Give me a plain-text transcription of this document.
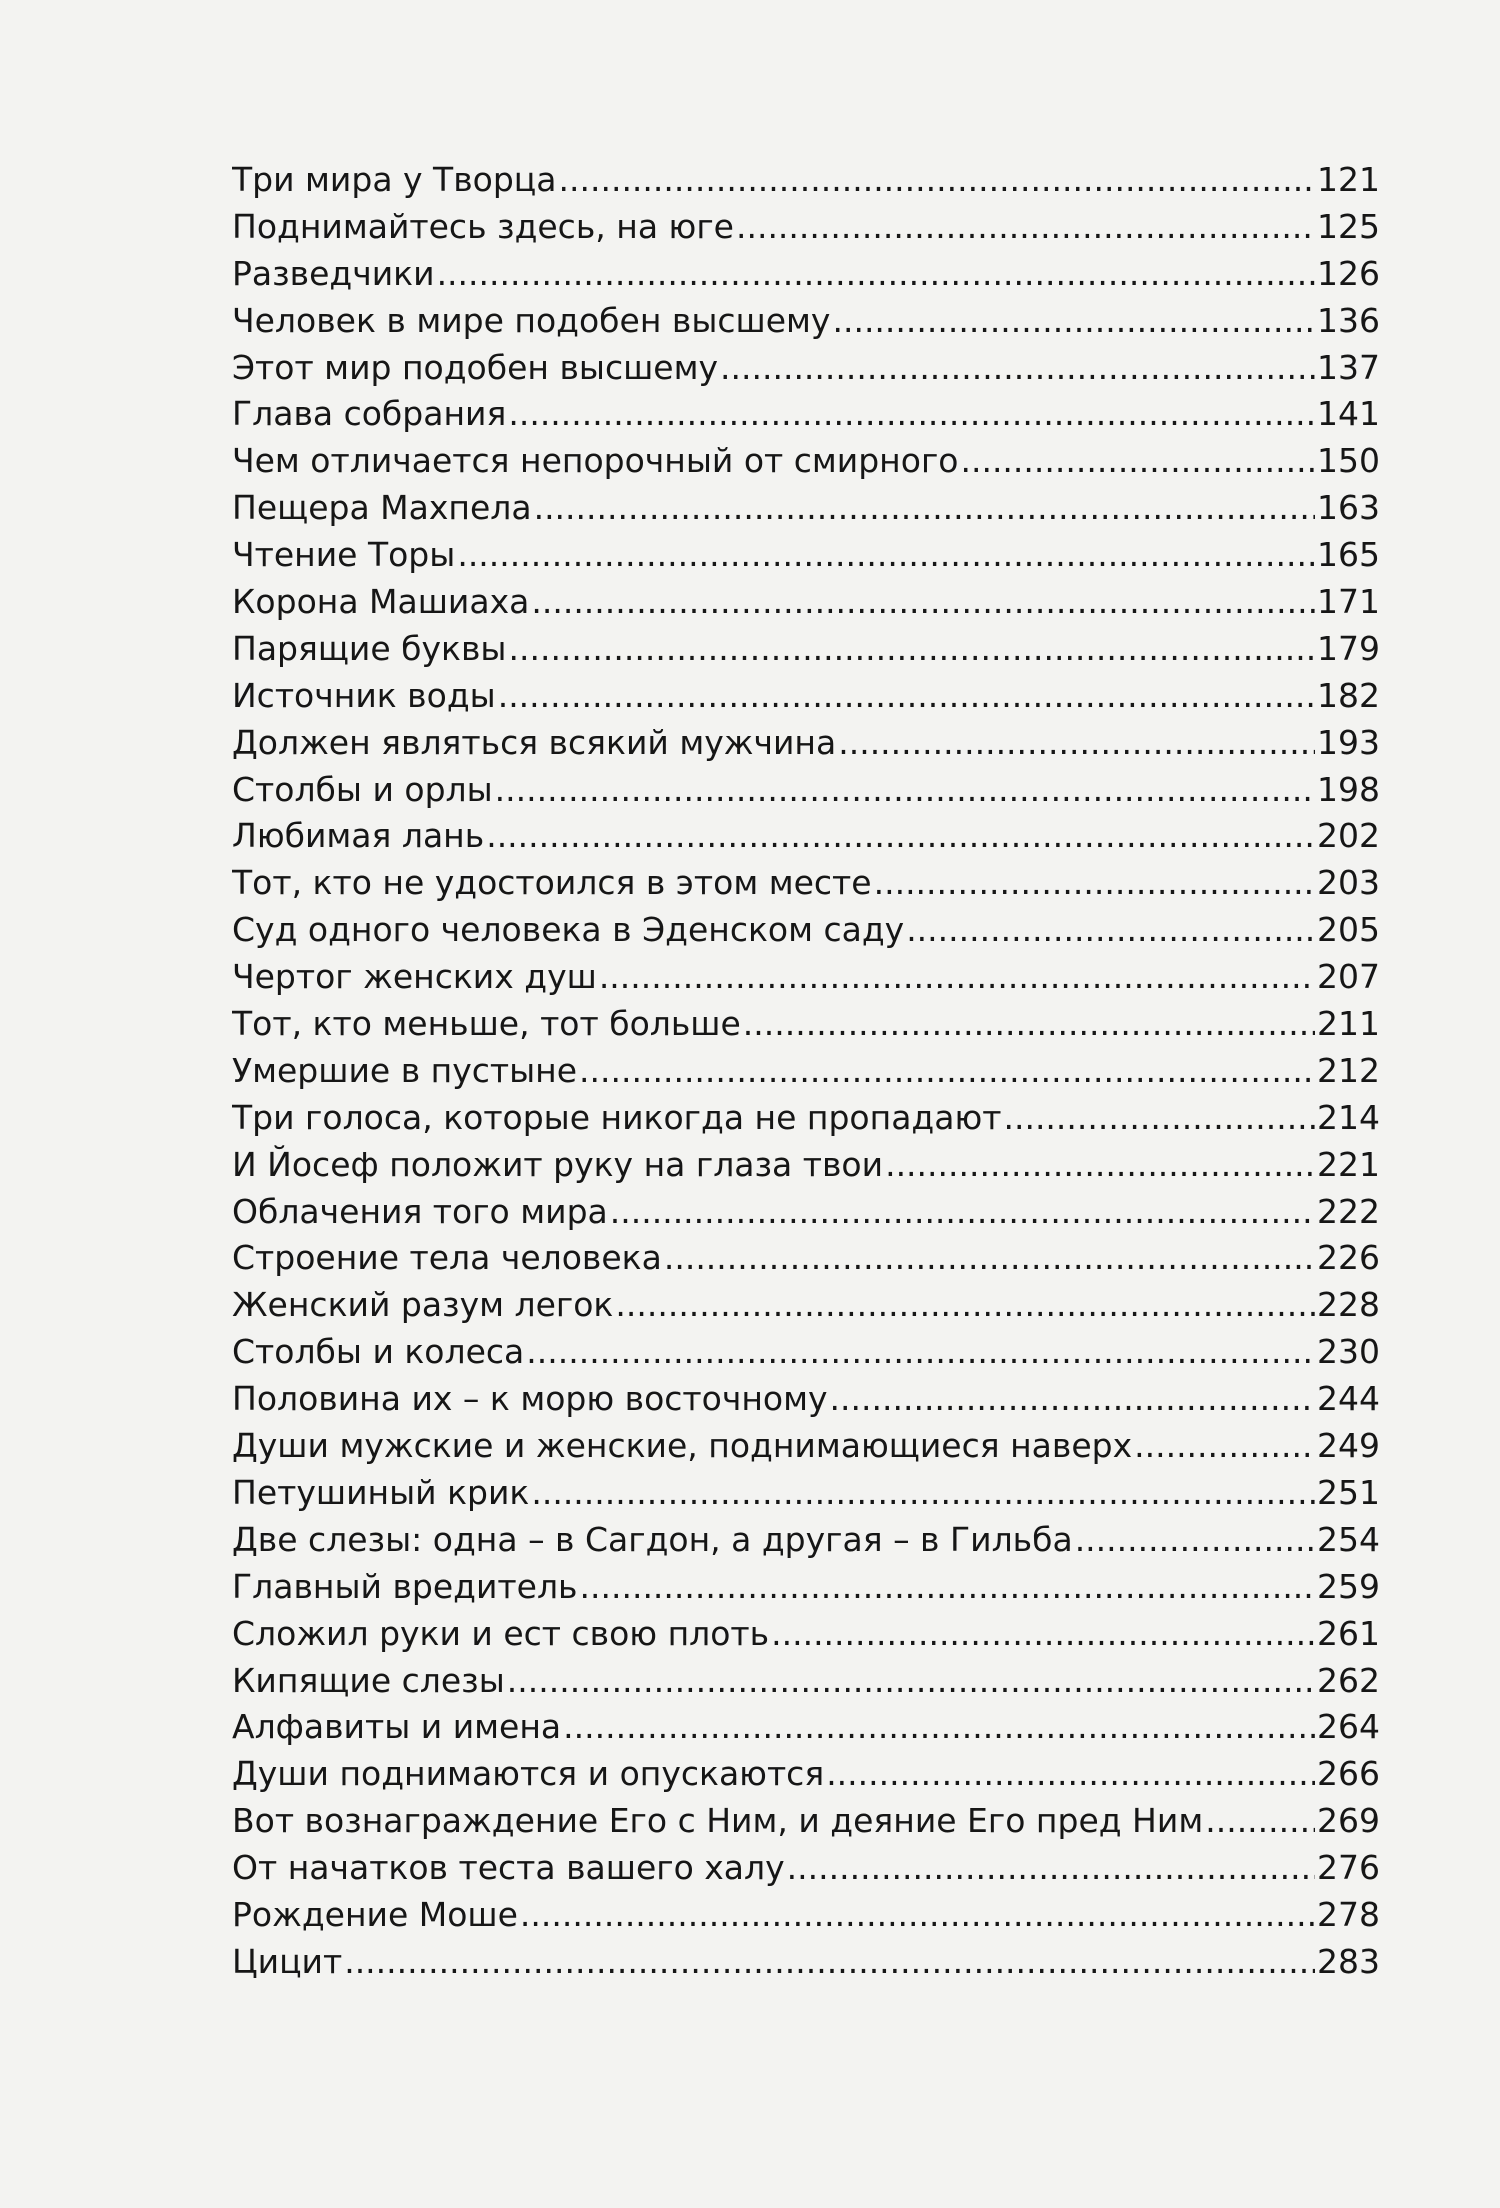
Три мира у Творца .....	121
Поднимайтесь здесь, на юге .....	125
Разведчики .....	126
Человек в мире подобен высшему .....	136
Этот мир подобен высшему .....	137
Глава собрания .....	141
Чем отличается непорочный от смирного .....	150
Пещера Махпела .....	163
Чтение Торы .....	165
Корона Машиаха .....	171
Парящие буквы .....	179
Источник воды .....	182
Должен являться всякий мужчина .....	193
Столбы и орлы .....	198
Любимая лань .....	202
Тот, кто не удостоился в этом месте .....	203
Суд одного человека в Эденском саду .....	205
Чертог женских душ .....	207
Тот, кто меньше, тот больше .....	211
Умершие в пустыне .....	212
Три голоса, которые никогда не пропадают .....	214
И Йосеф положит руку на глаза твои .....	221
Облачения того мира .....	222
Строение тела человека .....	226
Женский разум легок .....	228
Столбы и колеса .....	230
Половина их – к морю восточному .....	244
Души мужские и женские, поднимающиеся наверх .....	249
Петушиный крик .....	251
Две слезы: одна – в Сагдон, а другая – в Гильба .....	254
Главный вредитель .....	259
Сложил руки и ест свою плоть .....	261
Кипящие слезы .....	262
Алфавиты и имена .....	264
Души поднимаются и опускаются .....	266
Вот вознаграждение Его с Ним, и деяние Его пред Ним .....	269
От начатков теста вашего халу .....	276
Рождение Моше .....	278
Цицит .....	283
